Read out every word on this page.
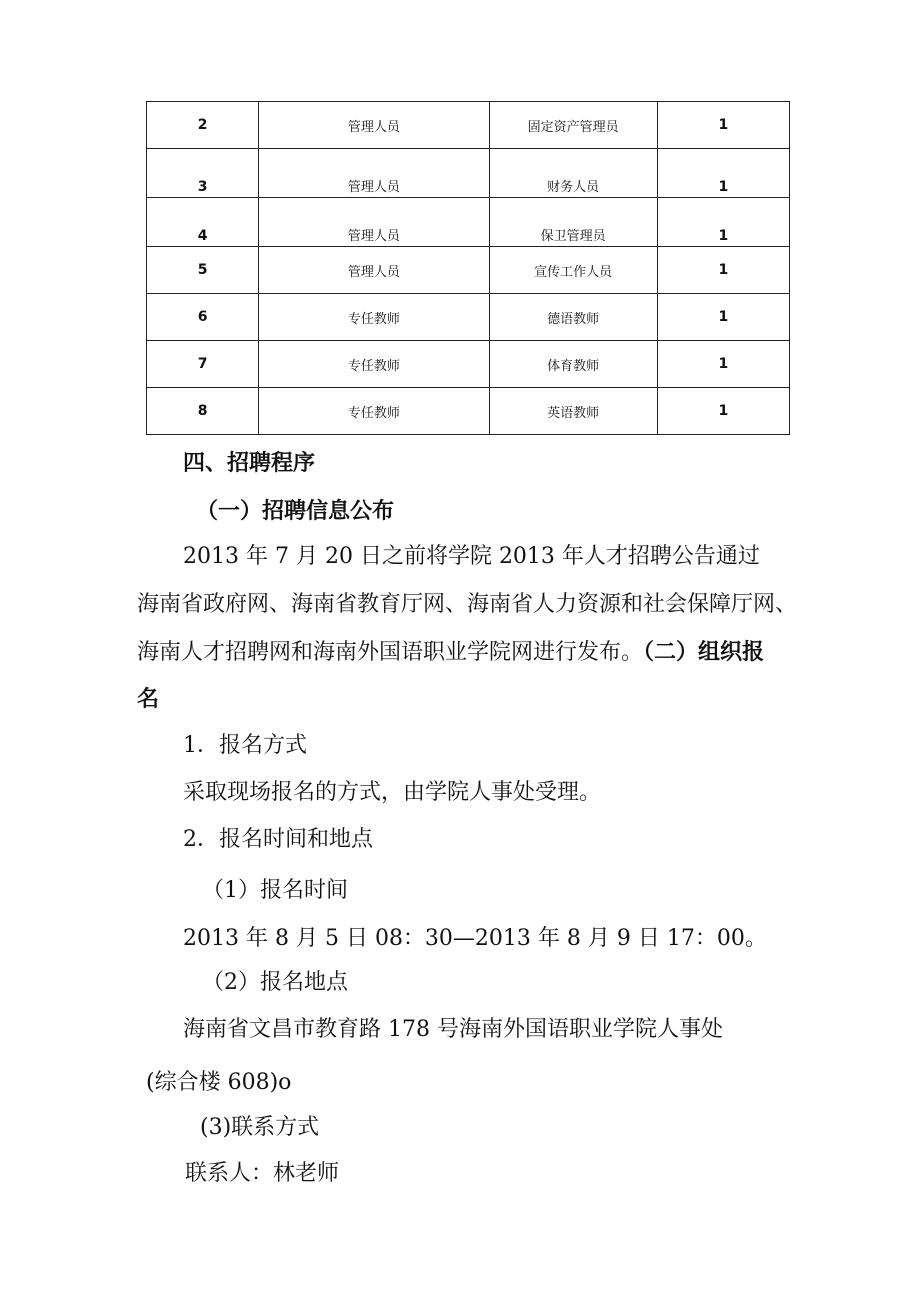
2	管理人员	固定资产管理员	1
3	管理人员	财务人员	1
4	管理人员	保卫管理员	1
5	管理人员	宣传工作人员	1
6	专任教师	德语教师	1
7	专任教师	体育教师	1
8	专任教师	英语教师	1
四、招聘程序
（一）招聘信息公布
2013 年 7 月 20 日之前将学院 2013 年人才招聘公告通过
海南省政府网、海南省教育厅网、海南省人力资源和社会保障厅网、
海南人才招聘网和海南外国语职业学院网进行发布。（二）组织报
名
1．报名方式
采取现场报名的方式，由学院人事处受理。
2．报名时间和地点
（1）报名时间
2013 年 8 月 5 日 08：30—2013 年 8 月 9 日 17：00。
（2）报名地点
海南省文昌市教育路 178 号海南外国语职业学院人事处
(综合楼 608)o
(3)联系方式
联系人：林老师
